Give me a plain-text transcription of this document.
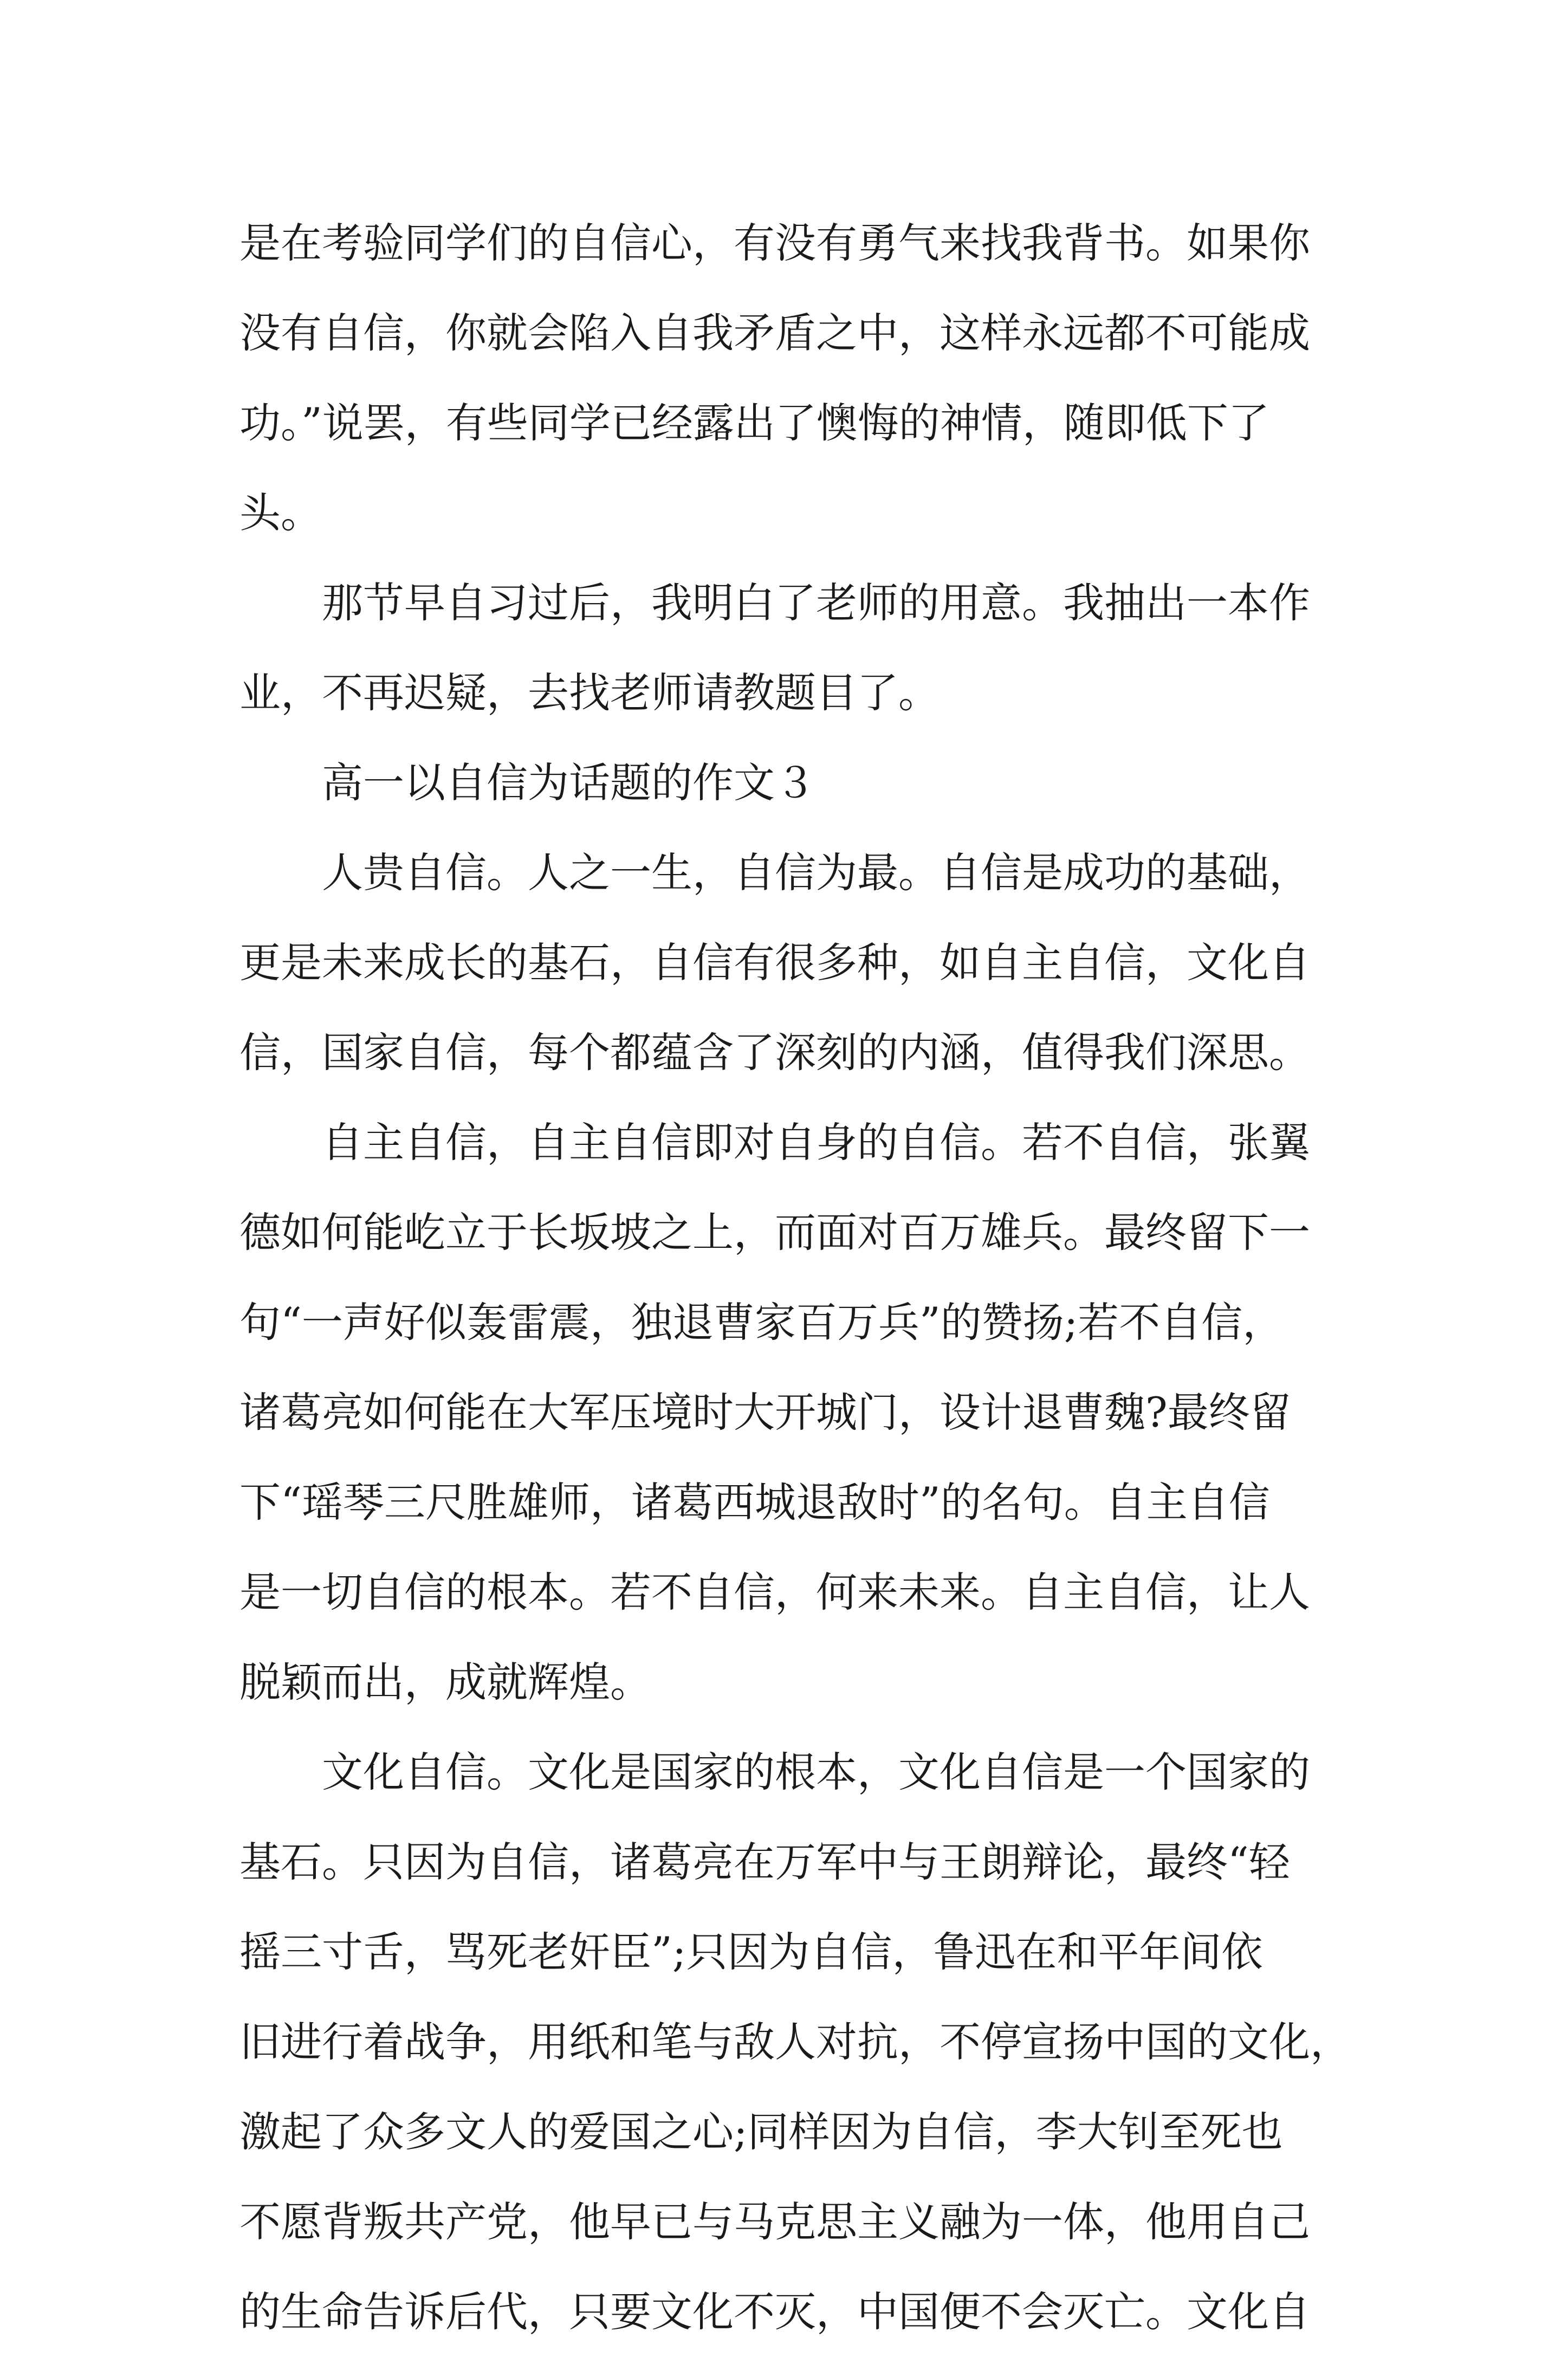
是在考验同学们的自信心，有没有勇气来找我背书。如果你
没有自信，你就会陷入自我矛盾之中，这样永远都不可能成
功。”说罢，有些同学已经露出了懊悔的神情，随即低下了
头。
那节早自习过后，我明白了老师的用意。我抽出一本作
业，不再迟疑，去找老师请教题目了。
高一以自信为话题的作文３
人贵自信。人之一生，自信为最。自信是成功的基础，
更是未来成长的基石，自信有很多种，如自主自信，文化自
信，国家自信，每个都蕴含了深刻的内涵，值得我们深思。
自主自信，自主自信即对自身的自信。若不自信，张翼
德如何能屹立于长坂坡之上，而面对百万雄兵。最终留下一
句“一声好似轰雷震，独退曹家百万兵”的赞扬;若不自信，
诸葛亮如何能在大军压境时大开城门，设计退曹魏?最终留
下“瑶琴三尺胜雄师，诸葛西城退敌时”的名句。自主自信
是一切自信的根本。若不自信，何来未来。自主自信，让人
脱颖而出，成就辉煌。
文化自信。文化是国家的根本，文化自信是一个国家的
基石。只因为自信，诸葛亮在万军中与王朗辩论，最终“轻
摇三寸舌，骂死老奸臣”;只因为自信，鲁迅在和平年间依
旧进行着战争，用纸和笔与敌人对抗，不停宣扬中国的文化，
激起了众多文人的爱国之心;同样因为自信，李大钊至死也
不愿背叛共产党，他早已与马克思主义融为一体，他用自己
的生命告诉后代，只要文化不灭，中国便不会灭亡。文化自
